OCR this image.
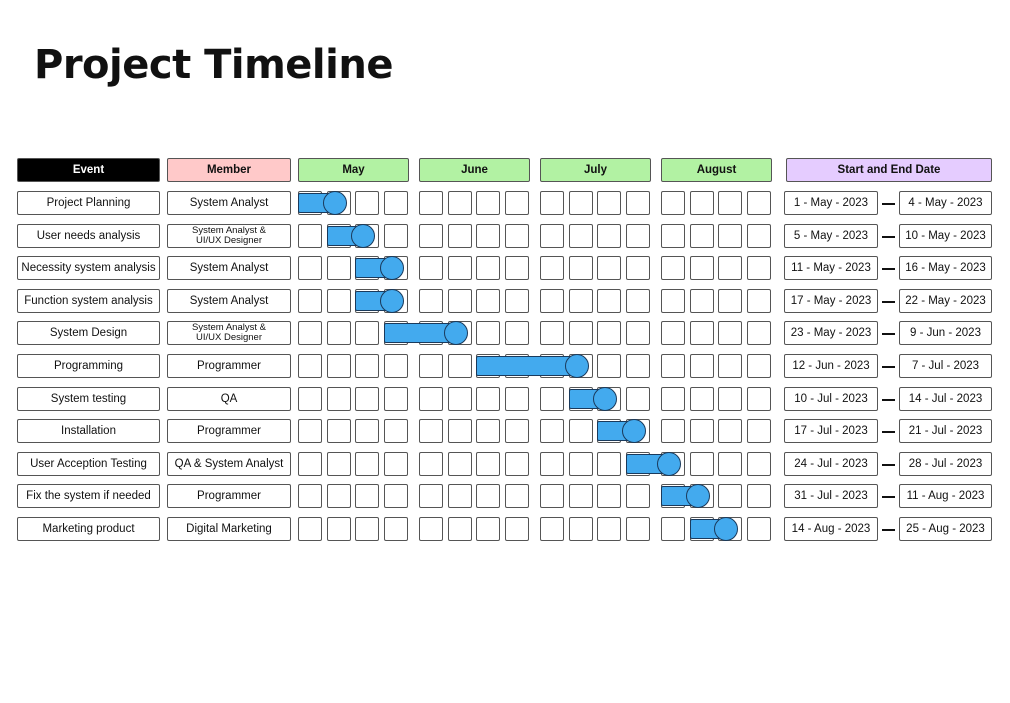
Project Timeline
Event	Member	May	June	July	August	Start and End Date
Project Planning	System Analyst	1 - May - 2023	4 - May - 2023
User needs analysis	System Analyst &
UI/UX Designer	5 - May - 2023	10 - May - 2023
Necessity system analysis	System Analyst	11 - May - 2023	16 - May - 2023
Function system analysis	System Analyst	17 - May - 2023	22 - May - 2023
System Design	System Analyst &
UI/UX Designer	23 - May - 2023	9 - Jun - 2023
Programming	Programmer	12 - Jun - 2023	7 - Jul - 2023
System testing	QA	10 - Jul - 2023	14 - Jul - 2023
Installation	Programmer	17 - Jul - 2023	21 - Jul - 2023
User Acception Testing	QA & System Analyst	24 - Jul - 2023	28 - Jul - 2023
Fix the system if needed	Programmer	31 - Jul - 2023	11 - Aug - 2023
Marketing product	Digital Marketing	14 - Aug - 2023	25 - Aug - 2023
